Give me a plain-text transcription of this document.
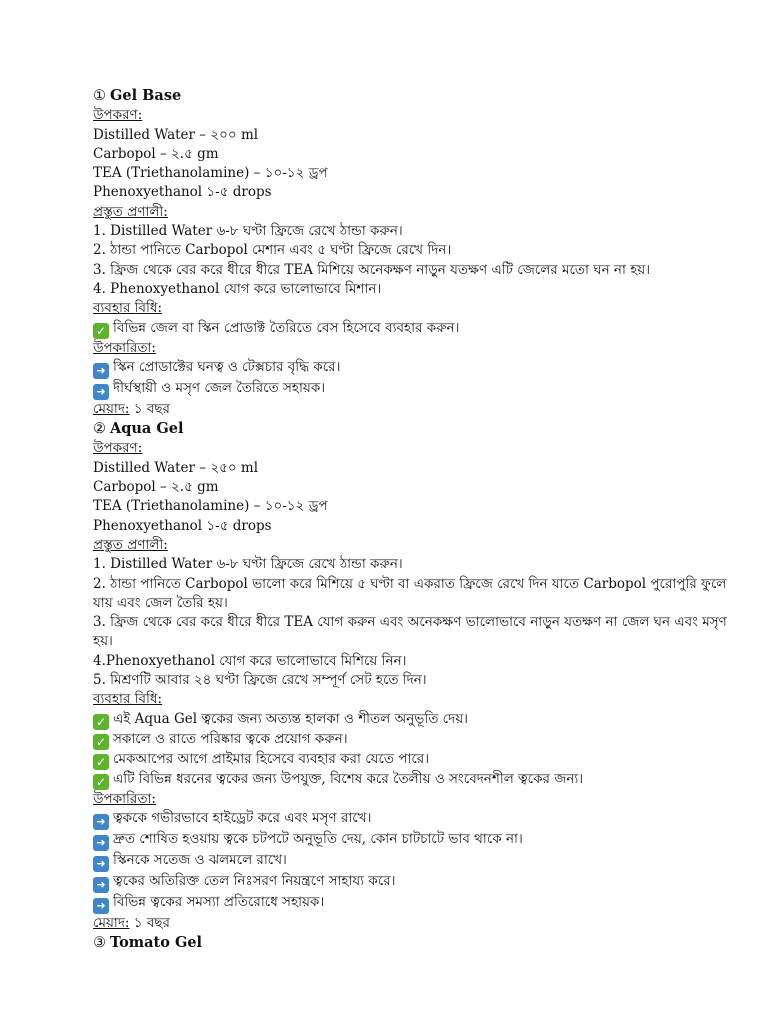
① Gel Base
উপকরণ:
Distilled Water – ২০০ ml
Carbopol – ২.৫ gm
TEA (Triethanolamine) – ১০-১২ ড্রপ
Phenoxyethanol ১-৫ drops
প্রস্তুত প্রণালী:
1. Distilled Water ৬-৮ ঘণ্টা ফ্রিজে রেখে ঠান্ডা করুন।
2. ঠান্ডা পানিতে Carbopol মেশান এবং ৫ ঘণ্টা ফ্রিজে রেখে দিন।
3. ফ্রিজ থেকে বের করে ধীরে ধীরে TEA মিশিয়ে অনেকক্ষণ নাড়ুন যতক্ষণ এটি জেলের মতো ঘন না হয়।
4. Phenoxyethanol যোগ করে ভালোভাবে মিশান।
ব্যবহার বিধি:
✓ বিভিন্ন জেল বা স্কিন প্রোডাক্ট তৈরিতে বেস হিসেবে ব্যবহার করুন।
উপকারিতা:
➜ স্কিন প্রোডাক্টের ঘনত্ব ও টেক্সচার বৃদ্ধি করে।
➜ দীর্ঘস্থায়ী ও মসৃণ জেল তৈরিতে সহায়ক।
মেয়াদ: ১ বছর
② Aqua Gel
উপকরণ:
Distilled Water – ২৫০ ml
Carbopol – ২.৫ gm
TEA (Triethanolamine) – ১০-১২ ড্রপ
Phenoxyethanol ১-৫ drops
প্রস্তুত প্রণালী:
1. Distilled Water ৬-৮ ঘণ্টা ফ্রিজে রেখে ঠান্ডা করুন।
2. ঠান্ডা পানিতে Carbopol ভালো করে মিশিয়ে ৫ ঘণ্টা বা একরাত ফ্রিজে রেখে দিন যাতে Carbopol পুরোপুরি ফুলে যায় এবং জেল তৈরি হয়।
3. ফ্রিজ থেকে বের করে ধীরে ধীরে TEA যোগ করুন এবং অনেকক্ষণ ভালোভাবে নাড়ুন যতক্ষণ না জেল ঘন এবং মসৃণ হয়।
4.Phenoxyethanol যোগ করে ভালোভাবে মিশিয়ে নিন।
5. মিশ্রণটি আবার ২৪ ঘণ্টা ফ্রিজে রেখে সম্পূর্ণ সেট হতে দিন।
ব্যবহার বিধি:
✓ এই Aqua Gel ত্বকের জন্য অত্যন্ত হালকা ও শীতল অনুভূতি দেয়।
✓ সকালে ও রাতে পরিষ্কার ত্বকে প্রয়োগ করুন।
✓ মেকআপের আগে প্রাইমার হিসেবে ব্যবহার করা যেতে পারে।
✓ এটি বিভিন্ন ধরনের ত্বকের জন্য উপযুক্ত, বিশেষ করে তৈলীয় ও সংবেদনশীল ত্বকের জন্য।
উপকারিতা:
➜ ত্বককে গভীরভাবে হাইড্রেট করে এবং মসৃণ রাখে।
➜ দ্রুত শোষিত হওয়ায় ত্বকে চটপটে অনুভূতি দেয়, কোন চাটচাটে ভাব থাকে না।
➜ স্কিনকে সতেজ ও ঝলমলে রাখে।
➜ ত্বকের অতিরিক্ত তেল নিঃসরণ নিয়ন্ত্রণে সাহায্য করে।
➜ বিভিন্ন ত্বকের সমস্যা প্রতিরোধে সহায়ক।
মেয়াদ: ১ বছর
③ Tomato Gel
